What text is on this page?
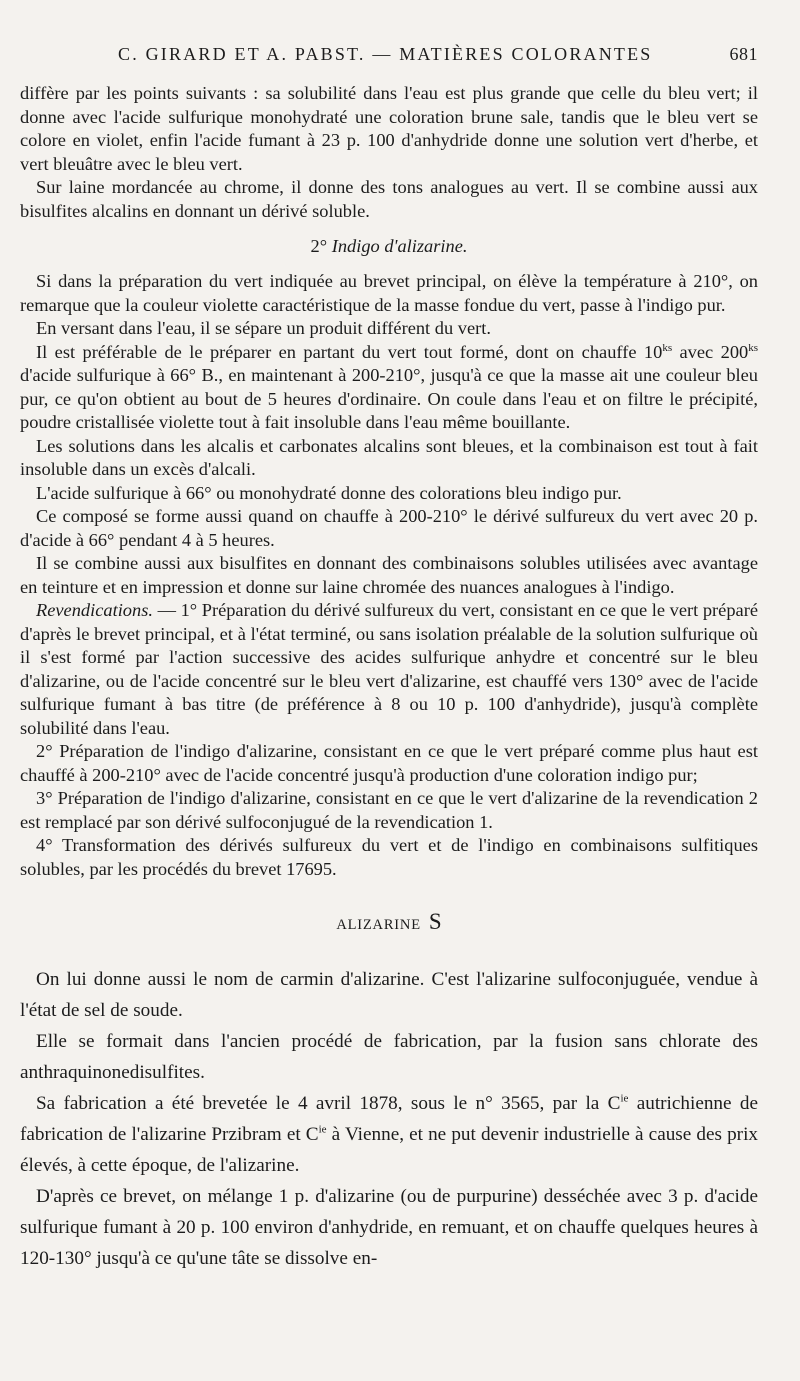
C. GIRARD ET A. PABST. — MATIÈRES COLORANTES	681

diffère par les points suivants : sa solubilité dans l'eau est plus grande que celle du bleu vert; il donne avec l'acide sulfurique monohydraté une coloration brune sale, tandis que le bleu vert se colore en violet, enfin l'acide fumant à 23 p. 100 d'anhydride donne une solution vert d'herbe, et vert bleuâtre avec le bleu vert.

Sur laine mordancée au chrome, il donne des tons analogues au vert. Il se combine aussi aux bisulfites alcalins en donnant un dérivé soluble.

2° Indigo d'alizarine.

Si dans la préparation du vert indiquée au brevet principal, on élève la température à 210°, on remarque que la couleur violette caractéristique de la masse fondue du vert, passe à l'indigo pur.

En versant dans l'eau, il se sépare un produit différent du vert.

Il est préférable de le préparer en partant du vert tout formé, dont on chauffe $10^{ks}$ avec $200^{ks}$ d'acide sulfurique à 66° B., en maintenant à 200-210°, jusqu'à ce que la masse ait une couleur bleu pur, ce qu'on obtient au bout de 5 heures d'ordinaire. On coule dans l'eau et on filtre le précipité, poudre cristallisée violette tout à fait insoluble dans l'eau même bouillante.

Les solutions dans les alcalis et carbonates alcalins sont bleues, et la combinaison est tout à fait insoluble dans un excès d'alcali.

L'acide sulfurique à 66° ou monohydraté donne des colorations bleu indigo pur.

Ce composé se forme aussi quand on chauffe à 200-210° le dérivé sulfureux du vert avec 20 p. d'acide à 66° pendant 4 à 5 heures.

Il se combine aussi aux bisulfites en donnant des combinaisons solubles utilisées avec avantage en teinture et en impression et donne sur laine chromée des nuances analogues à l'indigo.

Revendications. — 1° Préparation du dérivé sulfureux du vert, consistant en ce que le vert préparé d'après le brevet principal, et à l'état terminé, ou sans isolation préalable de la solution sulfurique où il s'est formé par l'action successive des acides sulfurique anhydre et concentré sur le bleu d'alizarine, ou de l'acide concentré sur le bleu vert d'alizarine, est chauffé vers 130° avec de l'acide sulfurique fumant à bas titre (de préférence à 8 ou 10 p. 100 d'anhydride), jusqu'à complète solubilité dans l'eau.

2° Préparation de l'indigo d'alizarine, consistant en ce que le vert préparé comme plus haut est chauffé à 200-210° avec de l'acide concentré jusqu'à production d'une coloration indigo pur;

3° Préparation de l'indigo d'alizarine, consistant en ce que le vert d'alizarine de la revendication 2 est remplacé par son dérivé sulfoconjugué de la revendication 1.

4° Transformation des dérivés sulfureux du vert et de l'indigo en combinaisons sulfitiques solubles, par les procédés du brevet 17695.

ALIZARINE S

On lui donne aussi le nom de carmin d'alizarine. C'est l'alizarine sulfoconjuguée, vendue à l'état de sel de soude.

Elle se formait dans l'ancien procédé de fabrication, par la fusion sans chlorate des anthraquinonedisulfites.

Sa fabrication a été brevetée le 4 avril 1878, sous le n° 3565, par la $C^{ie}$ autrichienne de fabrication de l'alizarine Przibram et $C^{ie}$ à Vienne, et ne put devenir industrielle à cause des prix élevés, à cette époque, de l'alizarine.

D'après ce brevet, on mélange 1 p. d'alizarine (ou de purpurine) desséchée avec 3 p. d'acide sulfurique fumant à 20 p. 100 environ d'anhydride, en remuant, et on chauffe quelques heures à 120-130° jusqu'à ce qu'une tâte se dissolve en-
